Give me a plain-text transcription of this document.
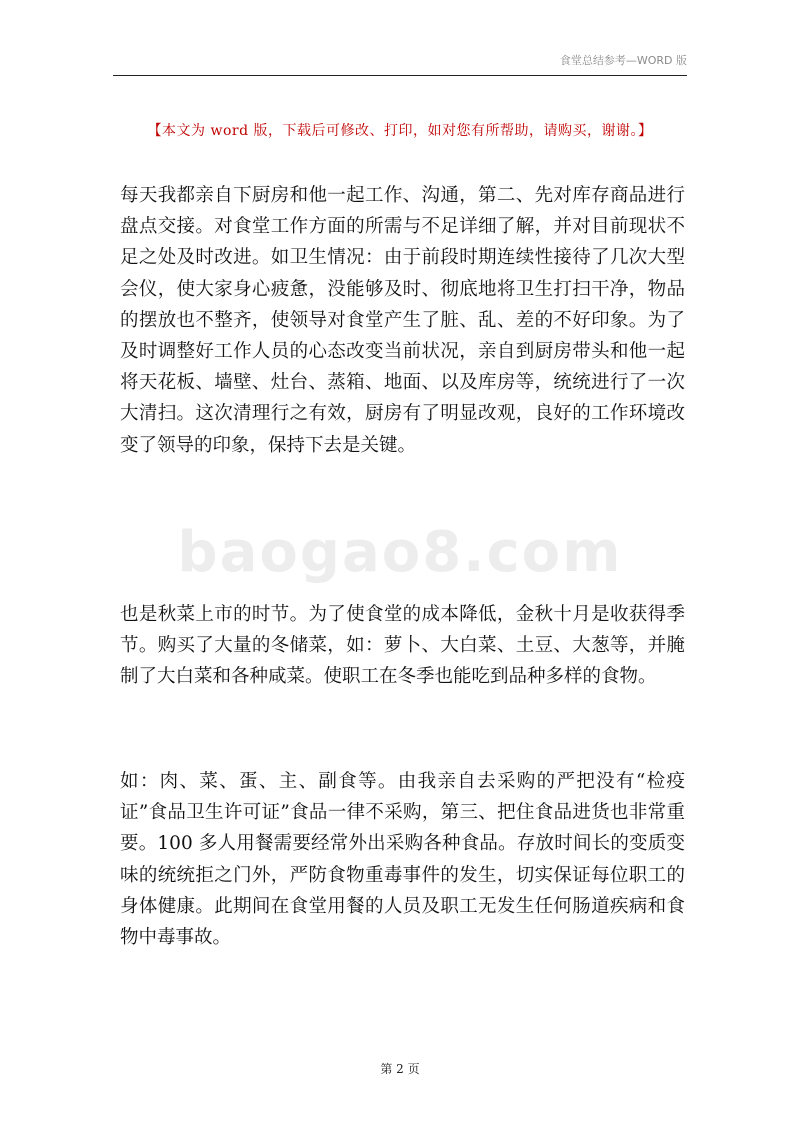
食堂总结参考—WORD 版
【本文为 word 版，下载后可修改、打印，如对您有所帮助，请购买，谢谢。】

每天我都亲自下厨房和他一起工作、沟通，第二、先对库存商品进行盘点交接。对食堂工作方面的所需与不足详细了解，并对目前现状不足之处及时改进。如卫生情况：由于前段时期连续性接待了几次大型会仪，使大家身心疲惫，没能够及时、彻底地将卫生打扫干净，物品的摆放也不整齐，使领导对食堂产生了脏、乱、差的不好印象。为了及时调整好工作人员的心态改变当前状况，亲自到厨房带头和他一起将天花板、墙壁、灶台、蒸箱、地面、以及库房等，统统进行了一次大清扫。这次清理行之有效，厨房有了明显改观，良好的工作环境改变了领导的印象，保持下去是关键。

也是秋菜上市的时节。为了使食堂的成本降低，金秋十月是收获得季节。购买了大量的冬储菜，如：萝卜、大白菜、土豆、大葱等，并腌制了大白菜和各种咸菜。使职工在冬季也能吃到品种多样的食物。

如：肉、菜、蛋、主、副食等。由我亲自去采购的严把没有“检疫证”食品卫生许可证”食品一律不采购，第三、把住食品进货也非常重要。100 多人用餐需要经常外出采购各种食品。存放时间长的变质变味的统统拒之门外，严防食物重毒事件的发生，切实保证每位职工的身体健康。此期间在食堂用餐的人员及职工无发生任何肠道疾病和食物中毒事故。

baogao8.com
第 2 页
